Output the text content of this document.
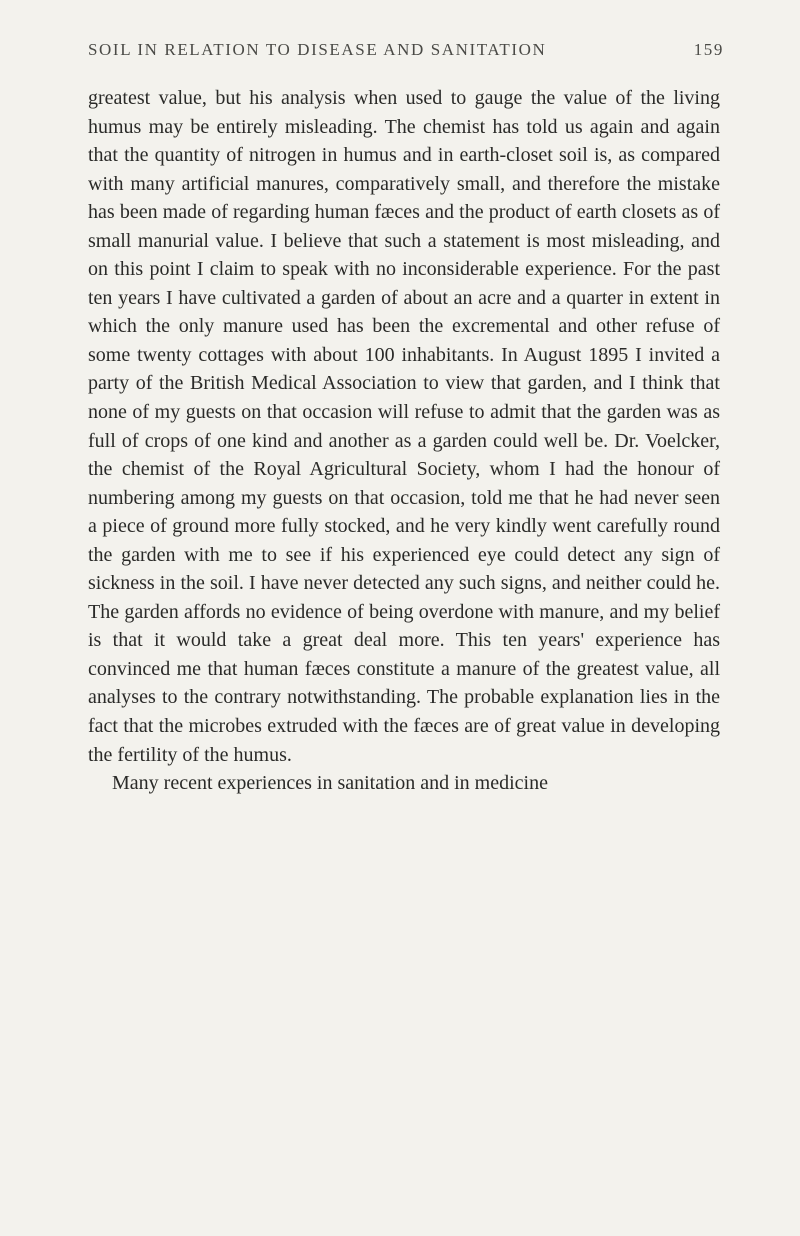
SOIL IN RELATION TO DISEASE AND SANITATION	159

greatest value, but his analysis when used to gauge the value of the living humus may be entirely misleading. The chemist has told us again and again that the quantity of nitrogen in humus and in earth-closet soil is, as compared with many artificial manures, comparatively small, and therefore the mistake has been made of regarding human fæces and the product of earth closets as of small manurial value. I believe that such a statement is most misleading, and on this point I claim to speak with no inconsiderable experience. For the past ten years I have cultivated a garden of about an acre and a quarter in extent in which the only manure used has been the excremental and other refuse of some twenty cottages with about 100 inhabitants. In August 1895 I invited a party of the British Medical Association to view that garden, and I think that none of my guests on that occasion will refuse to admit that the garden was as full of crops of one kind and another as a garden could well be. Dr. Voelcker, the chemist of the Royal Agricultural Society, whom I had the honour of numbering among my guests on that occasion, told me that he had never seen a piece of ground more fully stocked, and he very kindly went carefully round the garden with me to see if his experienced eye could detect any sign of sickness in the soil. I have never detected any such signs, and neither could he. The garden affords no evidence of being overdone with manure, and my belief is that it would take a great deal more. This ten years' experience has convinced me that human fæces constitute a manure of the greatest value, all analyses to the contrary notwithstanding. The probable explanation lies in the fact that the microbes extruded with the fæces are of great value in developing the fertility of the humus.

Many recent experiences in sanitation and in medicine
